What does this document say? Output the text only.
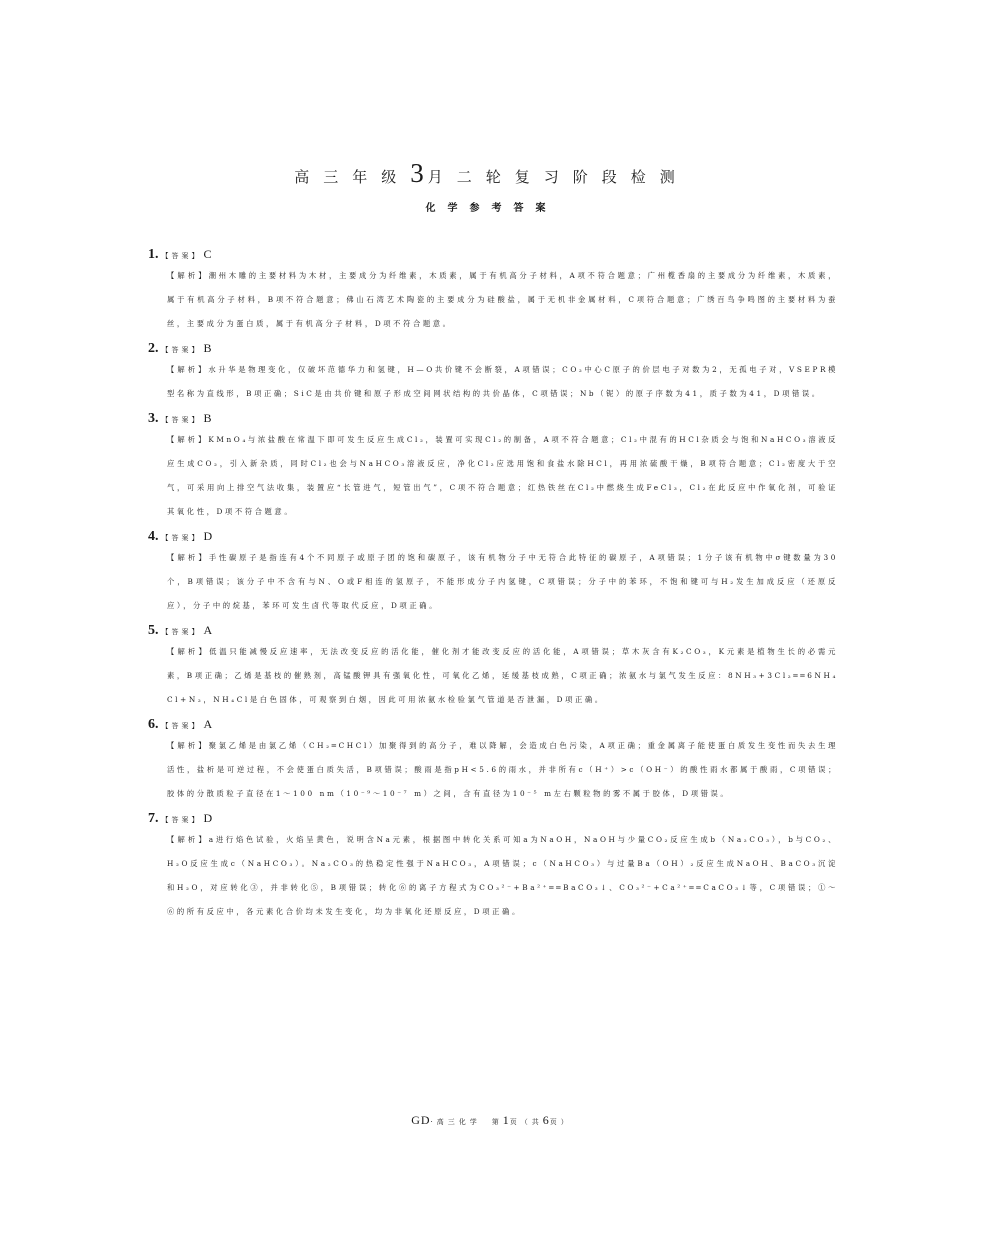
高三年级3月二轮复习阶段检测
化学参考答案
1. 【答案】 C
【解析】潮州木雕的主要材料为木材，主要成分为纤维素，木质素，属于有机高分子材料，A项不符合题意；广州榄香扇的主要成分为纤维素，木质素，属于有机高分子材料，B项不符合题意；佛山石湾艺术陶瓷的主要成分为硅酸盐，属于无机非金属材料，C项符合题意；广绣百鸟争鸣图的主要材料为蚕丝，主要成分为蛋白质，属于有机高分子材料，D项不符合题意。
2. 【答案】 B
【解析】水升华是物理变化，仅破坏范德华力和氢键，H—O共价键不会断裂，A项错误；CO₂中心C原子的价层电子对数为2，无孤电子对，VSEPR模型名称为直线形，B项正确；SiC是由共价键和原子形成空间网状结构的共价晶体，C项错误；Nb（铌）的原子序数为41，质子数为41，D项错误。
3. 【答案】 B
【解析】KMnO₄与浓盐酸在常温下即可发生反应生成Cl₂，装置可实现Cl₂的制备，A项不符合题意；Cl₂中混有的HCl杂质会与饱和NaHCO₃溶液反应生成CO₂，引入新杂质，同时Cl₂也会与NaHCO₃溶液反应，净化Cl₂应选用饱和食盐水除HCl，再用浓硫酸干燥，B项符合题意；Cl₂密度大于空气，可采用向上排空气法收集，装置应“长管进气，短管出气”，C项不符合题意；红热铁丝在Cl₂中燃烧生成FeCl₃，Cl₂在此反应中作氧化剂，可验证其氧化性，D项不符合题意。
4. 【答案】 D
【解析】手性碳原子是指连有4个不同原子或原子团的饱和碳原子，该有机物分子中无符合此特征的碳原子，A项错误；1分子该有机物中σ键数量为30个，B项错误；该分子中不含有与N、O或F相连的氢原子，不能形成分子内氢键，C项错误；分子中的苯环，不饱和键可与H₂发生加成反应（还原反应），分子中的烷基，苯环可发生卤代等取代反应，D项正确。
5. 【答案】 A
【解析】低温只能减慢反应速率，无法改变反应的活化能，催化剂才能改变反应的活化能，A项错误；草木灰含有K₂CO₃，K元素是植物生长的必需元素，B项正确；乙烯是基枝的催熟剂，高锰酸钾具有强氧化性，可氧化乙烯，延缓基枝成熟，C项正确；浓氨水与氯气发生反应：8NH₃+3Cl₂══6NH₄Cl+N₂，NH₄Cl是白色固体，可观察到白烟，因此可用浓氨水检验氯气管道是否泄漏，D项正确。
6. 【答案】 A
【解析】聚氯乙烯是由氯乙烯（CH₂═CHCl）加聚得到的高分子，难以降解，会造成白色污染，A项正确；重金属离子能使蛋白质发生变性而失去生理活性，盐析是可逆过程，不会使蛋白质失活，B项错误；酸雨是指pH<5.6的雨水，并非所有c（H⁺）>c（OH⁻）的酸性雨水都属于酸雨，C项错误；胶体的分散质粒子直径在1～100 nm（10⁻⁹～10⁻⁷ m）之间，含有直径为10⁻⁵ m左右颗粒物的雾不属于胶体，D项错误。
7. 【答案】 D
【解析】a进行焰色试验，火焰呈黄色，说明含Na元素，根据图中转化关系可知a为NaOH，NaOH与少量CO₂反应生成b（Na₂CO₃），b与CO₂、H₂O反应生成c（NaHCO₃）。Na₂CO₃的热稳定性强于NaHCO₃，A项错误；c（NaHCO₃）与过量Ba（OH）₂反应生成NaOH、BaCO₃沉淀和H₂O，对应转化③，并非转化⑤，B项错误；转化⑥的离子方程式为CO₃²⁻+Ba²⁺══BaCO₃↓、CO₃²⁻+Ca²⁺══CaCO₃↓等，C项错误；①～⑥的所有反应中，各元素化合价均未发生变化，均为非氧化还原反应，D项正确。
GD·高三化学　 第1页（共6页）
